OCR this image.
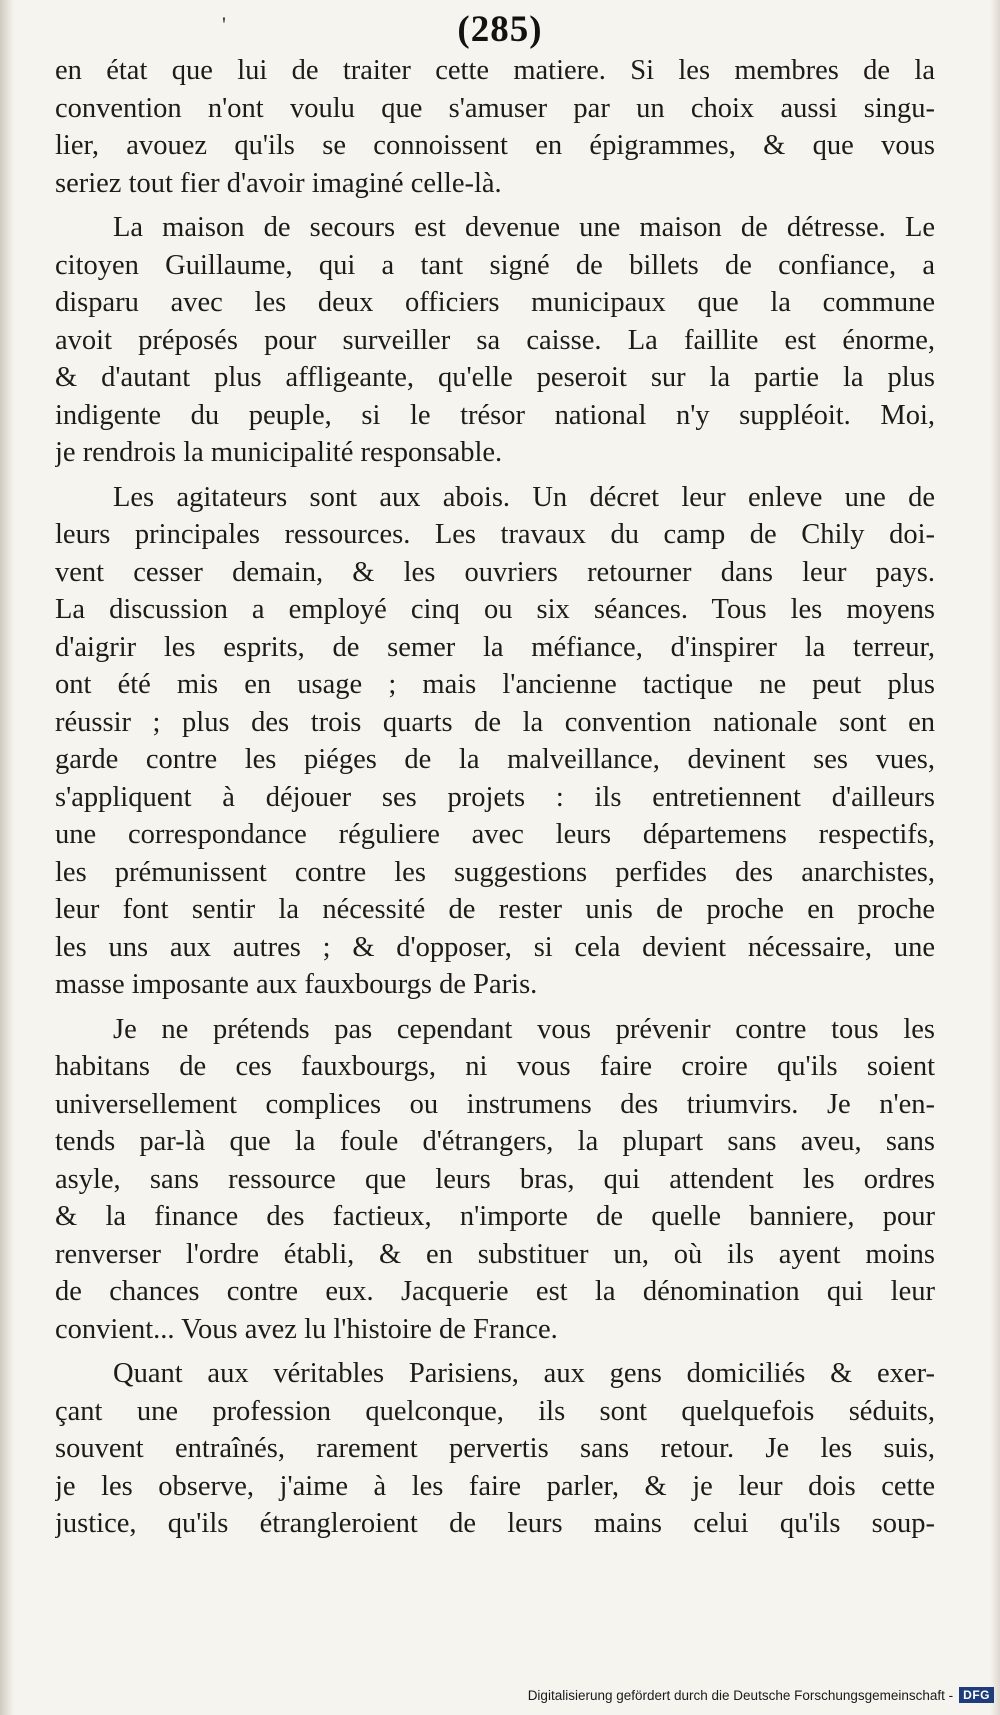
'	(285)
en état que lui de traiter cette matiere. Si les membres de la
convention n'ont voulu que s'amuser par un choix aussi singu-
lier, avouez qu'ils se connoissent en épigrammes, & que vous
seriez tout fier d'avoir imaginé celle-là.
La maison de secours est devenue une maison de détresse. Le
citoyen Guillaume, qui a tant signé de billets de confiance, a
disparu avec les deux officiers municipaux que la commune
avoit préposés pour surveiller sa caisse. La faillite est énorme,
& d'autant plus affligeante, qu'elle peseroit sur la partie la plus
indigente du peuple, si le trésor national n'y suppléoit. Moi,
je rendrois la municipalité responsable.
Les agitateurs sont aux abois. Un décret leur enleve une de
leurs principales ressources. Les travaux du camp de Chily doi-
vent cesser demain, & les ouvriers retourner dans leur pays.
La discussion a employé cinq ou six séances. Tous les moyens
d'aigrir les esprits, de semer la méfiance, d'inspirer la terreur,
ont été mis en usage ; mais l'ancienne tactique ne peut plus
réussir ; plus des trois quarts de la convention nationale sont en
garde contre les piéges de la malveillance, devinent ses vues,
s'appliquent à déjouer ses projets : ils entretiennent d'ailleurs
une correspondance réguliere avec leurs départemens respectifs,
les prémunissent contre les suggestions perfides des anarchistes,
leur font sentir la nécessité de rester unis de proche en proche
les uns aux autres ; & d'opposer, si cela devient nécessaire, une
masse imposante aux fauxbourgs de Paris.
Je ne prétends pas cependant vous prévenir contre tous les
habitans de ces fauxbourgs, ni vous faire croire qu'ils soient
universellement complices ou instrumens des triumvirs. Je n'en-
tends par-là que la foule d'étrangers, la plupart sans aveu, sans
asyle, sans ressource que leurs bras, qui attendent les ordres
& la finance des factieux, n'importe de quelle banniere, pour
renverser l'ordre établi, & en substituer un, où ils ayent moins
de chances contre eux. Jacquerie est la dénomination qui leur
convient... Vous avez lu l'histoire de France.
Quant aux véritables Parisiens, aux gens domiciliés & exer-
çant une profession quelconque, ils sont quelquefois séduits,
souvent entraînés, rarement pervertis sans retour. Je les suis,
je les observe, j'aime à les faire parler, & je leur dois cette
justice, qu'ils étrangleroient de leurs mains celui qu'ils soup-
Digitalisierung gefördert durch die Deutsche Forschungsgemeinschaft - DFG
